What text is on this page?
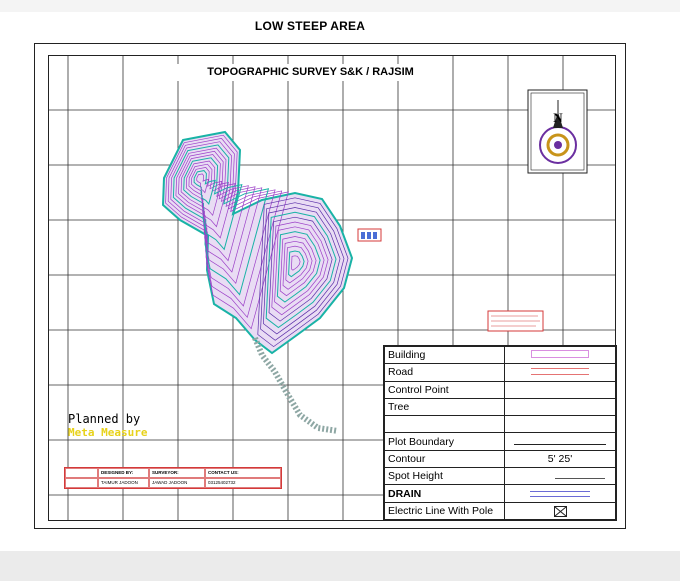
LOW STEEP AREA
N
TOPOGRAPHIC SURVEY S&K / RAJSIM
Planned by
Meta Measure
DESIGNED BY:	SURVEYOR:	CONTACT US:
TAIMUR JADOON	JAWAD JADOON	03125402732
Building	
Road	
Control Point	
Tree	

Plot Boundary	
Contour	5' 25'
Spot Height	
DRAIN	
Electric Line With Pole	
